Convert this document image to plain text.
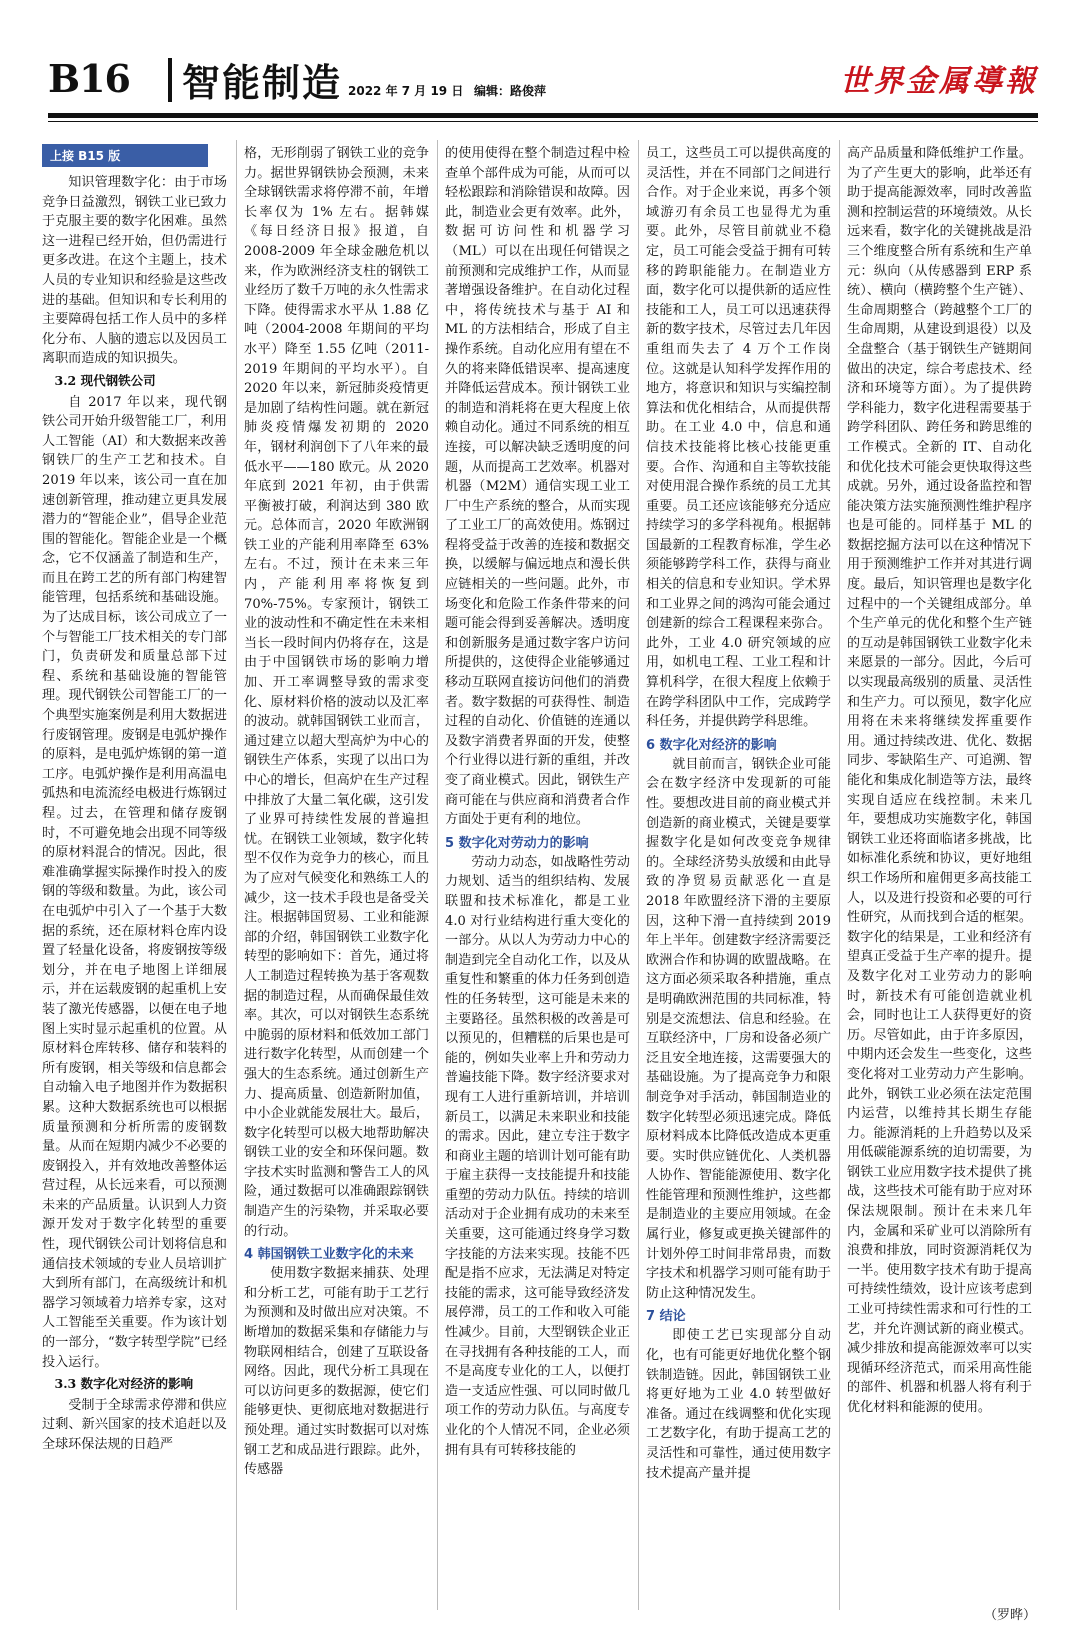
B16 智能制造 2022 年 7 月 19 日 编辑：路俊萍	世界金属導報
上接 B15 版

知识管理数字化：由于市场竞争日益激烈，钢铁工业已致力于克服主要的数字化困难。虽然这一进程已经开始，但仍需进行更多改进。在这个主题上，技术人员的专业知识和经验是这些改进的基础。但知识和专长利用的主要障碍包括工作人员中的多样化分布、人脑的遗忘以及因员工离职而造成的知识损失。

3.2 现代钢铁公司

自 2017 年以来，现代钢铁公司开始升级智能工厂，利用人工智能（AI）和大数据来改善钢铁厂的生产工艺和技术。自 2019 年以来，该公司一直在加速创新管理，推动建立更具发展潜力的“智能企业”，倡导企业范围的智能化。智能企业是一个概念，它不仅涵盖了制造和生产，而且在跨工艺的所有部门构建智能管理，包括系统和基础设施。为了达成目标，该公司成立了一个与智能工厂技术相关的专门部门，负责研发和质量总部下过程、系统和基础设施的智能管理。现代钢铁公司智能工厂的一个典型实施案例是利用大数据进行废钢管理。废钢是电弧炉操作的原料，是电弧炉炼钢的第一道工序。电弧炉操作是利用高温电弧热和电流流经电极进行炼钢过程。过去，在管理和储存废钢时，不可避免地会出现不同等级的原材料混合的情况。因此，很难准确掌握实际操作时投入的废钢的等级和数量。为此，该公司在电弧炉中引入了一个基于大数据的系统，还在原材料仓库内设置了轻量化设备，将废钢按等级划分，并在电子地图上详细展示，并在运载废钢的起重机上安装了激光传感器，以便在电子地图上实时显示起重机的位置。从原材料仓库转移、储存和装料的所有废钢，相关等级和信息都会自动输入电子地图并作为数据积累。这种大数据系统也可以根据质量预测和分析所需的废钢数量。从而在短期内减少不必要的废钢投入，并有效地改善整体运营过程，从长远来看，可以预测未来的产品质量。认识到人力资源开发对于数字化转型的重要性，现代钢铁公司计划将信息和通信技术领域的专业人员培训扩大到所有部门，在高级统计和机器学习领域着力培养专家，这对人工智能至关重要。作为该计划的一部分，“数字转型学院”已经投入运行。

3.3 数字化对经济的影响

受制于全球需求停滞和供应过剩、新兴国家的技术追赶以及全球环保法规的日趋严

格，无形削弱了钢铁工业的竞争力。据世界钢铁协会预测，未来全球钢铁需求将停滞不前，年增长率仅为 1% 左右。据韩媒《每日经济日报》报道，自 2008-2009 年全球金融危机以来，作为欧洲经济支柱的钢铁工业经历了数千万吨的永久性需求下降。使得需求水平从 1.88 亿吨（2004-2008 年期间的平均水平）降至 1.55 亿吨（2011-2019 年期间的平均水平）。自 2020 年以来，新冠肺炎疫情更是加剧了结构性问题。就在新冠肺炎疫情爆发初期的 2020 年，钢材利润创下了八年来的最低水平——180 欧元。从 2020 年底到 2021 年初，由于供需平衡被打破，利润达到 380 欧元。总体而言，2020 年欧洲钢铁工业的产能利用率降至 63% 左右。不过，预计在未来三年内，产能利用率将恢复到 70%-75%。专家预计，钢铁工业的波动性和不确定性在未来相当长一段时间内仍将存在，这是由于中国钢铁市场的影响力增加、开工率调整导致的需求变化、原材料价格的波动以及汇率的波动。就韩国钢铁工业而言，通过建立以超大型高炉为中心的钢铁生产体系，实现了以出口为中心的增长，但高炉在生产过程中排放了大量二氧化碳，这引发了业界可持续性发展的普遍担忧。在钢铁工业领域，数字化转型不仅作为竞争力的核心，而且为了应对气候变化和熟练工人的减少，这一技术手段也是备受关注。根据韩国贸易、工业和能源部的介绍，韩国钢铁工业数字化转型的影响如下：首先，通过将人工制造过程转换为基于客观数据的制造过程，从而确保最佳效率。其次，可以对钢铁生态系统中脆弱的原材料和低效加工部门进行数字化转型，从而创建一个强大的生态系统。通过创新生产力、提高质量、创造新附加值，中小企业就能发展壮大。最后，数字化转型可以极大地帮助解决钢铁工业的安全和环保问题。数字技术实时监测和警告工人的风险，通过数据可以准确跟踪钢铁制造产生的污染物，并采取必要的行动。

4 韩国钢铁工业数字化的未来

使用数字数据来捕获、处理和分析工艺，可能有助于工艺行为预测和及时做出应对决策。不断增加的数据采集和存储能力与物联网相结合，创建了互联设备网络。因此，现代分析工具现在可以访问更多的数据源，使它们能够更快、更彻底地对数据进行预处理。通过实时数据可以对炼钢工艺和成品进行跟踪。此外，传感器

的使用使得在整个制造过程中检查单个部件成为可能，从而可以轻松跟踪和消除错误和故障。因此，制造业会更有效率。此外，数据可访问性和机器学习（ML）可以在出现任何错误之前预测和完成维护工作，从而显著增强设备维护。在自动化过程中，将传统技术与基于 AI 和 ML 的方法相结合，形成了自主操作系统。自动化应用有望在不久的将来降低错误率、提高速度并降低运营成本。预计钢铁工业的制造和消耗将在更大程度上依赖自动化。通过不同系统的相互连接，可以解决缺乏透明度的问题，从而提高工艺效率。机器对机器（M2M）通信实现工业工厂中生产系统的整合，从而实现了工业工厂的高效使用。炼钢过程将受益于改善的连接和数据交换，以缓解与偏远地点和漫长供应链相关的一些问题。此外，市场变化和危险工作条件带来的问题可能会得到妥善解决。透明度和创新服务是通过数字客户访问所提供的，这使得企业能够通过移动互联网直接访问他们的消费者。数字数据的可获得性、制造过程的自动化、价值链的连通以及数字消费者界面的开发，使整个行业得以进行新的重组，并改变了商业模式。因此，钢铁生产商可能在与供应商和消费者合作方面处于更有利的地位。

5 数字化对劳动力的影响

劳动力动态，如战略性劳动力规划、适当的组织结构、发展联盟和技术标准化，都是工业 4.0 对行业结构进行重大变化的一部分。从以人为劳动力中心的制造到完全自动化工作，以及从重复性和繁重的体力任务到创造性的任务转型，这可能是未来的主要路径。虽然积极的改善是可以预见的，但糟糕的后果也是可能的，例如失业率上升和劳动力普遍技能下降。数字经济要求对现有工人进行重新培训，并培训新员工，以满足未来职业和技能的需求。因此，建立专注于数字和商业主题的培训计划可能有助于雇主获得一支技能提升和技能重塑的劳动力队伍。持续的培训活动对于企业拥有成功的未来至关重要，这可能通过终身学习数字技能的方法来实现。技能不匹配是指不应求，无法满足对特定技能的需求，这可能导致经济发展停滞，员工的工作和收入可能性减少。目前，大型钢铁企业正在寻找拥有各种技能的工人，而不是高度专业化的工人，以便打造一支适应性强、可以同时做几项工作的劳动力队伍。与高度专业化的个人情况不同，企业必须拥有具有可转移技能的

员工，这些员工可以提供高度的灵活性，并在不同部门之间进行合作。对于企业来说，再多个领域游刃有余员工也显得尤为重要。此外，尽管目前就业不稳定，员工可能会受益于拥有可转移的跨职能能力。在制造业方面，数字化可以提供新的适应性技能和工人，员工可以迅速获得新的数字技术，尽管过去几年因重组而失去了 4 万个工作岗位。这就是认知科学发挥作用的地方，将意识和知识与实编控制算法和优化相结合，从而提供帮助。在工业 4.0 中，信息和通信技术技能将比核心技能更重要。合作、沟通和自主等软技能对使用混合操作系统的员工尤其重要。员工还应该能够充分适应持续学习的多学科视角。根据韩国最新的工程教育标准，学生必须能够跨学科工作，获得与商业相关的信息和专业知识。学术界和工业界之间的鸿沟可能会通过创建新的综合工程课程来弥合。此外，工业 4.0 研究领域的应用，如机电工程、工业工程和计算机科学，在很大程度上依赖于在跨学科团队中工作，完成跨学科任务，并提供跨学科思维。

6 数字化对经济的影响

就目前而言，钢铁企业可能会在数字经济中发现新的可能性。要想改进目前的商业模式并创造新的商业模式，关键是要掌握数字化是如何改变竞争规律的。全球经济势头放缓和由此导致的净贸易贡献恶化一直是 2018 年欧盟经济下滑的主要原因，这种下滑一直持续到 2019 年上半年。创建数字经济需要泛欧洲合作和协调的欧盟战略。在这方面必须采取各种措施，重点是明确欧洲范围的共同标准，特别是交流想法、信息和经验。在互联经济中，厂房和设备必须广泛且安全地连接，这需要强大的基础设施。为了提高竞争力和限制竞争对手活动，韩国制造业的数字化转型必须迅速完成。降低原材料成本比降低改造成本更重要。实时供应链优化、人类机器人协作、智能能源使用、数字化性能管理和预测性维护，这些都是制造业的主要应用领域。在金属行业，修复或更换关键部件的计划外停工时间非常昂贵，而数字技术和机器学习则可能有助于防止这种情况发生。

7 结论

即使工艺已实现部分自动化，也有可能更好地优化整个钢铁制造链。因此，韩国钢铁工业将更好地为工业 4.0 转型做好准备。通过在线调整和优化实现工艺数字化，有助于提高工艺的灵活性和可靠性，通过使用数字技术提高产量并提

高产品质量和降低维护工作量。为了产生更大的影响，此举还有助于提高能源效率，同时改善监测和控制运营的环境绩效。从长远来看，数字化的关键挑战是沿三个维度整合所有系统和生产单元：纵向（从传感器到 ERP 系统）、横向（横跨整个生产链）、生命周期整合（跨越整个工厂的生命周期，从建设到退役）以及全盘整合（基于钢铁生产链期间做出的决定，综合考虑技术、经济和环境等方面）。为了提供跨学科能力，数字化进程需要基于跨学科团队、跨任务和跨思维的工作模式。全新的 IT、自动化和优化技术可能会更快取得这些成就。另外，通过设备监控和智能决策方法实施预测性维护程序也是可能的。同样基于 ML 的数据挖掘方法可以在这种情况下用于预测维护工作并对其进行调度。最后，知识管理也是数字化过程中的一个关键组成部分。单个生产单元的优化和整个生产链的互动是韩国钢铁工业数字化未来愿景的一部分。因此，今后可以实现最高级别的质量、灵活性和生产力。可以预见，数字化应用将在未来将继续发挥重要作用。通过持续改进、优化、数据同步、零缺陷生产、可追溯、智能化和集成化制造等方法，最终实现自适应在线控制。未来几年，要想成功实施数字化，韩国钢铁工业还将面临诸多挑战，比如标准化系统和协议，更好地组织工作场所和雇佣更多高技能工人，以及进行投资和必要的可行性研究，从而找到合适的框架。数字化的结果是，工业和经济有望真正受益于生产率的提升。提及数字化对工业劳动力的影响时，新技术有可能创造就业机会，同时也让工人获得更好的资历。尽管如此，由于许多原因，中期内还会发生一些变化，这些变化将对工业劳动力产生影响。此外，钢铁工业必须在法定范围内运营，以维持其长期生存能力。能源消耗的上升趋势以及采用低碳能源系统的迫切需要，为钢铁工业应用数字技术提供了挑战，这些技术可能有助于应对环保法规限制。预计在未来几年内，金属和采矿业可以消除所有浪费和排放，同时资源消耗仅为一半。使用数字技术有助于提高可持续性绩效，设计应该考虑到工业可持续性需求和可行性的工艺，并允许测试新的商业模式。减少排放和提高能源效率可以实现循环经济范式，而采用高性能的部件、机器和机器人将有利于优化材料和能源的使用。

（罗晔）
